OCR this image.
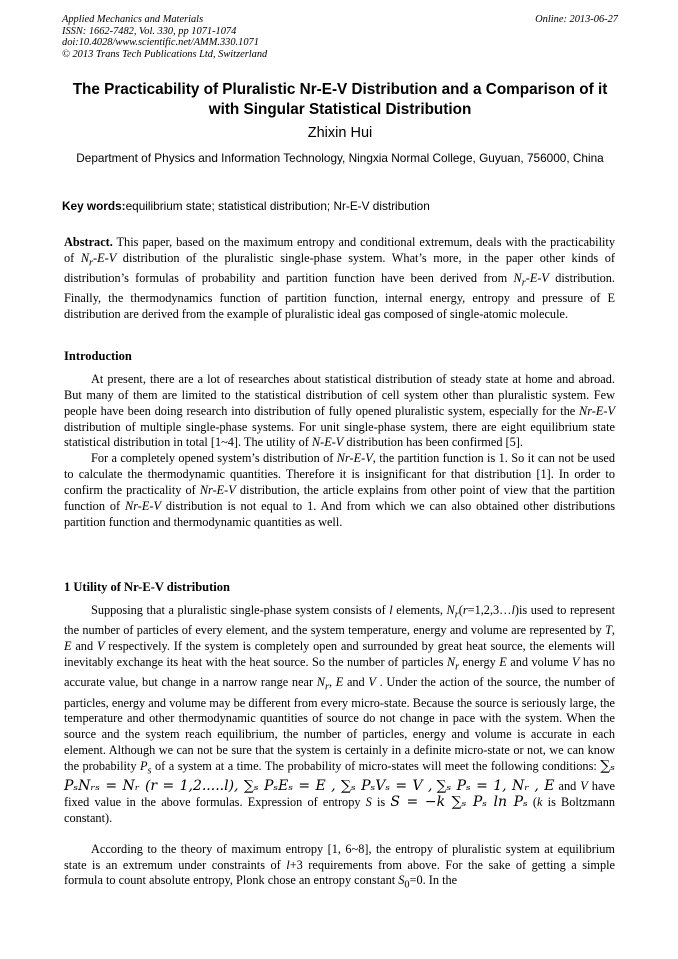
Applied Mechanics and Materials
ISSN: 1662-7482, Vol. 330, pp 1071-1074
doi:10.4028/www.scientific.net/AMM.330.1071
© 2013 Trans Tech Publications Ltd, Switzerland
Online: 2013-06-27
The Practicability of Pluralistic Nr-E-V Distribution and a Comparison of it with Singular Statistical Distribution
Zhixin Hui
Department of Physics and Information Technology, Ningxia Normal College, Guyuan, 756000, China
Key words:equilibrium state; statistical distribution; Nr-E-V distribution
Abstract. This paper, based on the maximum entropy and conditional extremum, deals with the practicability of $N_r-E-V$ distribution of the pluralistic single-phase system. What’s more, in the paper other kinds of distribution’s formulas of probability and partition function have been derived from $N_r-E-V$ distribution. Finally, the thermodynamics function of partition function, internal energy, entropy and pressure of E distribution are derived from the example of pluralistic ideal gas composed of single-atomic molecule.
Introduction

At present, there are a lot of researches about statistical distribution of steady state at home and abroad. But many of them are limited to the statistical distribution of cell system other than pluralistic system. Few people have been doing research into distribution of fully opened pluralistic system, especially for the Nr-E-V distribution of multiple single-phase systems. For unit single-phase system, there are eight equilibrium state statistical distribution in total [1~4]. The utility of N-E-V distribution has been confirmed [5].

For a completely opened system’s distribution of Nr-E-V, the partition function is 1. So it can not be used to calculate the thermodynamic quantities. Therefore it is insignificant for that distribution [1]. In order to confirm the practicality of Nr-E-V distribution, the article explains from other point of view that the partition function of Nr-E-V distribution is not equal to 1. And from which we can also obtained other distributions partition function and thermodynamic quantities as well.

1 Utility of Nr-E-V distribution

Supposing that a pluralistic single-phase system consists of l elements, $N_r(r=1,2,3\dots l)is$ used to represent the number of particles of every element, and the system temperature, energy and volume are represented by T, E and V respectively. If the system is completely open and surrounded by great heat source, the elements will inevitably exchange its heat with the heat source. So the number of particles $N_r$ energy E and volume V has no accurate value, but change in a narrow range near $N_r$, E and V . Under the action of the source, the number of particles, energy and volume may be different from every micro-state. Because the source is seriously large, the temperature and other thermodynamic quantities of source do not change in pace with the system. When the source and the system reach equilibrium, the number of particles, energy and volume is accurate in each element. Although we can not be sure that the system is certainly in a definite micro-state or not, we can know the probability $P_s$ of a system at a time. The probability of micro-states will meet the following conditions: ∑ₛ PₛNᵣₛ = Nᵣ (r = 1,2.....l), ∑ₛ PₛEₛ = E , ∑ₛ PₛVₛ = V , ∑ₛ Pₛ = 1, Nᵣ , E and V have fixed value in the above formulas. Expression of entropy S is S = −k ∑ₛ Pₛ ln Pₛ (k is Boltzmann constant).

According to the theory of maximum entropy [1, 6~8], the entropy of pluralistic system at equilibrium state is an extremum under constraints of l+3 requirements from above. For the sake of getting a simple formula to count absolute entropy, Plonk chose an entropy constant $S_0=0$. In the
